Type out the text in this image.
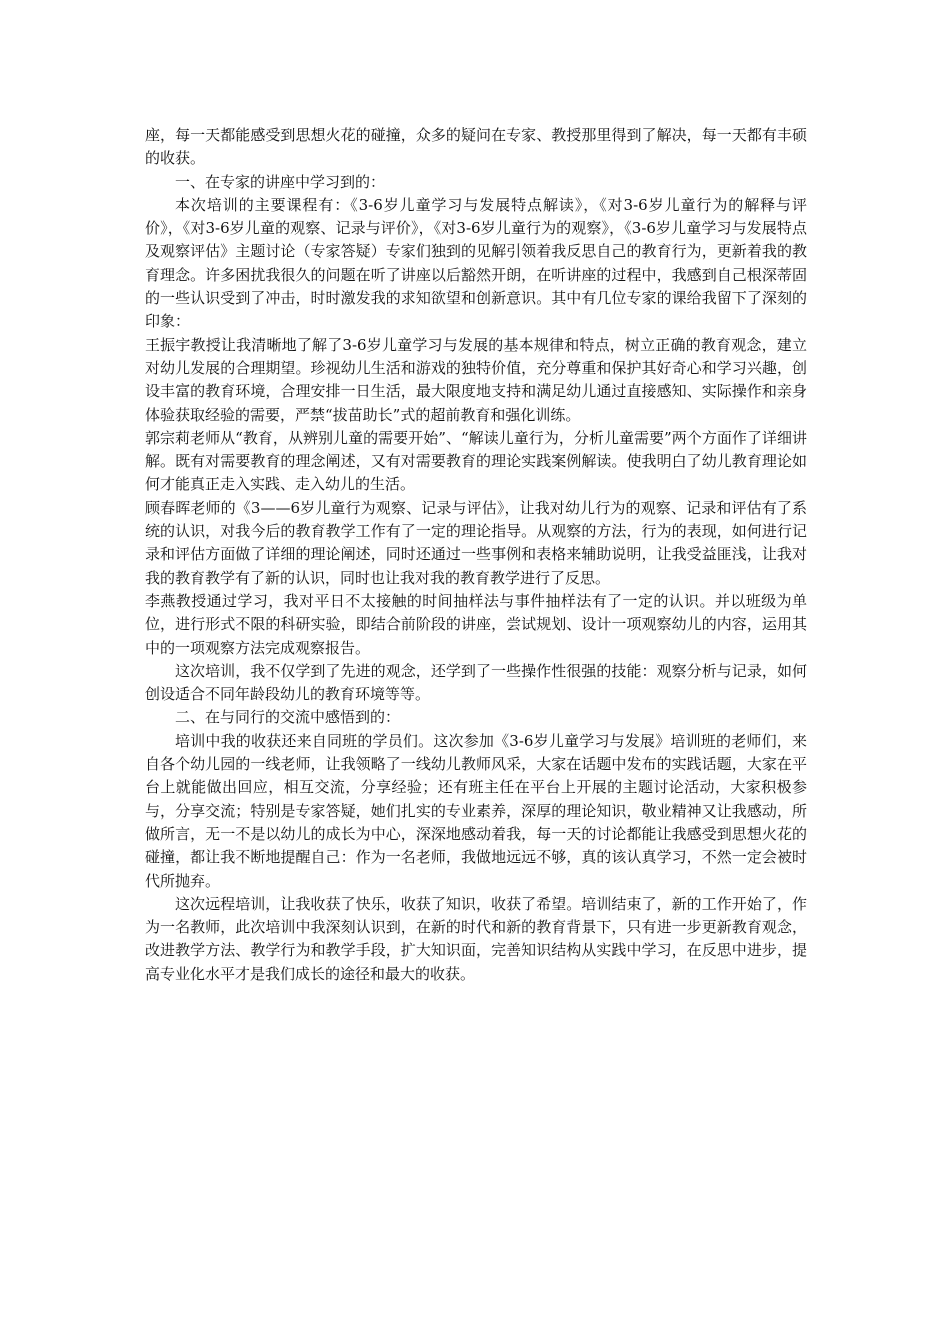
座，每一天都能感受到思想火花的碰撞，众多的疑问在专家、教授那里得到了解决，每一天都有丰硕的收获。

一、在专家的讲座中学习到的：

本次培训的主要课程有：《3-6岁儿童学习与发展特点解读》，《对3-6岁儿童行为的解释与评价》，《对3-6岁儿童的观察、记录与评价》，《对3-6岁儿童行为的观察》，《3-6岁儿童学习与发展特点及观察评估》主题讨论（专家答疑）专家们独到的见解引领着我反思自己的教育行为，更新着我的教育理念。许多困扰我很久的问题在听了讲座以后豁然开朗，在听讲座的过程中，我感到自己根深蒂固的一些认识受到了冲击，时时激发我的求知欲望和创新意识。其中有几位专家的课给我留下了深刻的印象：

王振宇教授让我清晰地了解了3-6岁儿童学习与发展的基本规律和特点，树立正确的教育观念，建立对幼儿发展的合理期望。珍视幼儿生活和游戏的独特价值，充分尊重和保护其好奇心和学习兴趣，创设丰富的教育环境，合理安排一日生活，最大限度地支持和满足幼儿通过直接感知、实际操作和亲身体验获取经验的需要，严禁“拔苗助长”式的超前教育和强化训练。

郭宗莉老师从“教育，从辨别儿童的需要开始”、“解读儿童行为，分析儿童需要”两个方面作了详细讲解。既有对需要教育的理念阐述，又有对需要教育的理论实践案例解读。使我明白了幼儿教育理论如何才能真正走入实践、走入幼儿的生活。

顾春晖老师的《3——6岁儿童行为观察、记录与评估》，让我对幼儿行为的观察、记录和评估有了系统的认识，对我今后的教育教学工作有了一定的理论指导。从观察的方法，行为的表现，如何进行记录和评估方面做了详细的理论阐述，同时还通过一些事例和表格来辅助说明，让我受益匪浅，让我对我的教育教学有了新的认识，同时也让我对我的教育教学进行了反思。

李燕教授通过学习，我对平日不太接触的时间抽样法与事件抽样法有了一定的认识。并以班级为单位，进行形式不限的科研实验，即结合前阶段的讲座，尝试规划、设计一项观察幼儿的内容，运用其中的一项观察方法完成观察报告。

这次培训，我不仅学到了先进的观念，还学到了一些操作性很强的技能：观察分析与记录，如何创设适合不同年龄段幼儿的教育环境等等。

二、在与同行的交流中感悟到的：

培训中我的收获还来自同班的学员们。这次参加《3-6岁儿童学习与发展》培训班的老师们，来自各个幼儿园的一线老师，让我领略了一线幼儿教师风采，大家在话题中发布的实践话题，大家在平台上就能做出回应，相互交流，分享经验；还有班主任在平台上开展的主题讨论活动，大家积极参与，分享交流；特别是专家答疑，她们扎实的专业素养，深厚的理论知识，敬业精神又让我感动，所做所言，无一不是以幼儿的成长为中心，深深地感动着我，每一天的讨论都能让我感受到思想火花的碰撞，都让我不断地提醒自己：作为一名老师，我做地远远不够，真的该认真学习，不然一定会被时代所抛弃。

这次远程培训，让我收获了快乐，收获了知识，收获了希望。培训结束了，新的工作开始了，作为一名教师，此次培训中我深刻认识到，在新的时代和新的教育背景下，只有进一步更新教育观念，改进教学方法、教学行为和教学手段，扩大知识面，完善知识结构从实践中学习，在反思中进步，提高专业化水平才是我们成长的途径和最大的收获。
